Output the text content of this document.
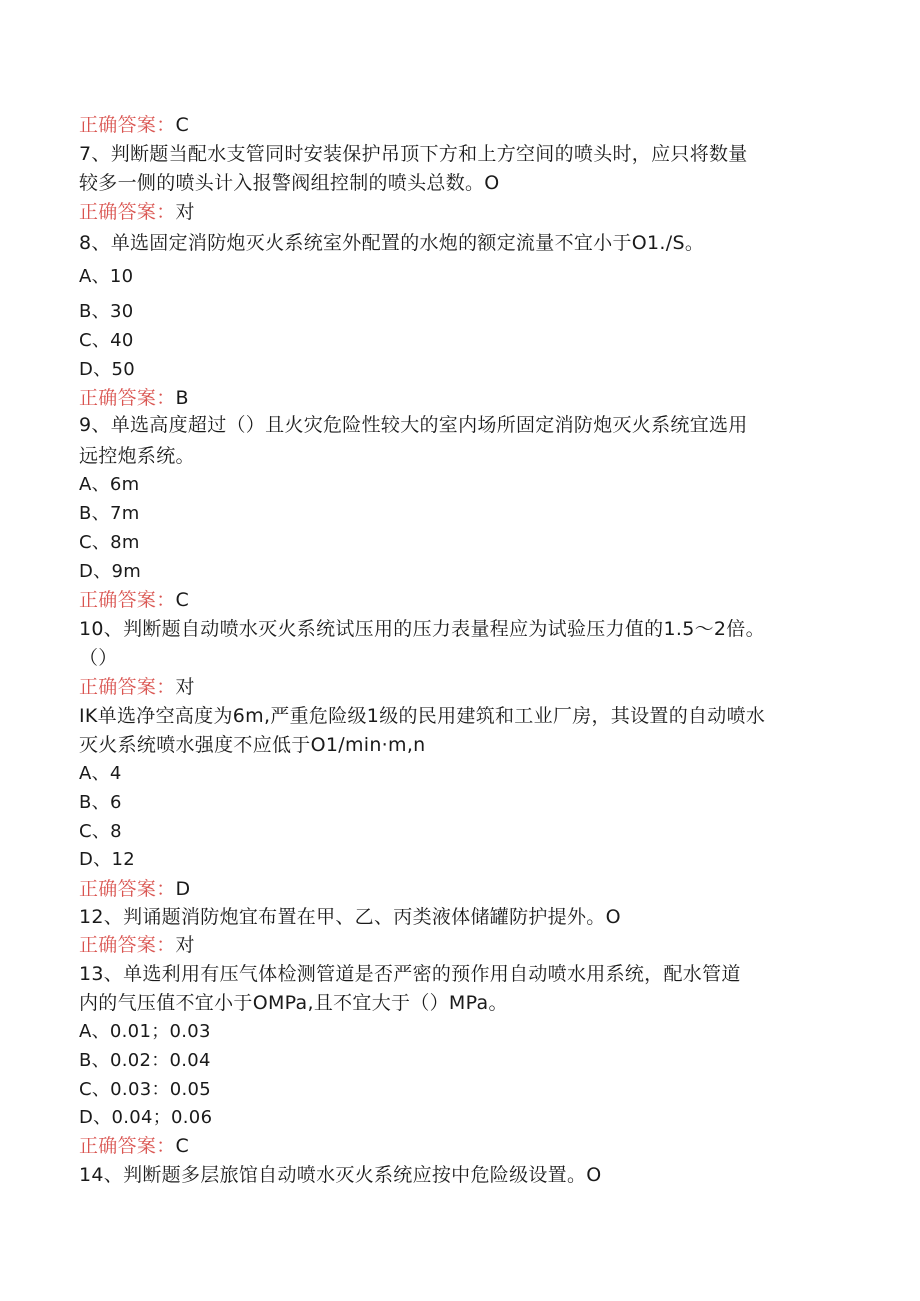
正确答案：C
7、判断题当配水支管同时安装保护吊顶下方和上方空间的喷头时，应只将数量
较多一侧的喷头计入报警阀组控制的喷头总数。O
正确答案：对
8、单选固定消防炮灭火系统室外配置的水炮的额定流量不宜小于O1./S。
A、10
B、30
C、40
D、50
正确答案：B
9、单选高度超过（）且火灾危险性较大的室内场所固定消防炮灭火系统宜选用
远控炮系统。
A、6m
B、7m
C、8m
D、9m
正确答案：C
10、判断题自动喷水灭火系统试压用的压力表量程应为试验压力值的1.5～2倍。
（）
正确答案：对
IK单选净空高度为6m,严重危险级1级的民用建筑和工业厂房，其设置的自动喷水
灭火系统喷水强度不应低于O1∕min·m,n
A、4
B、6
C、8
D、12
正确答案：D
12、判诵题消防炮宜布置在甲、乙、丙类液体储罐防护提外。O
正确答案：对
13、单选利用有压气体检测管道是否严密的预作用自动喷水用系统，配水管道
内的气压值不宜小于OMPa,且不宜大于（）MPa。
A、0.01；0.03
B、0.02：0.04
C、0.03：0.05
D、0.04；0.06
正确答案：C
14、判断题多层旅馆自动喷水灭火系统应按中危险级设置。O
